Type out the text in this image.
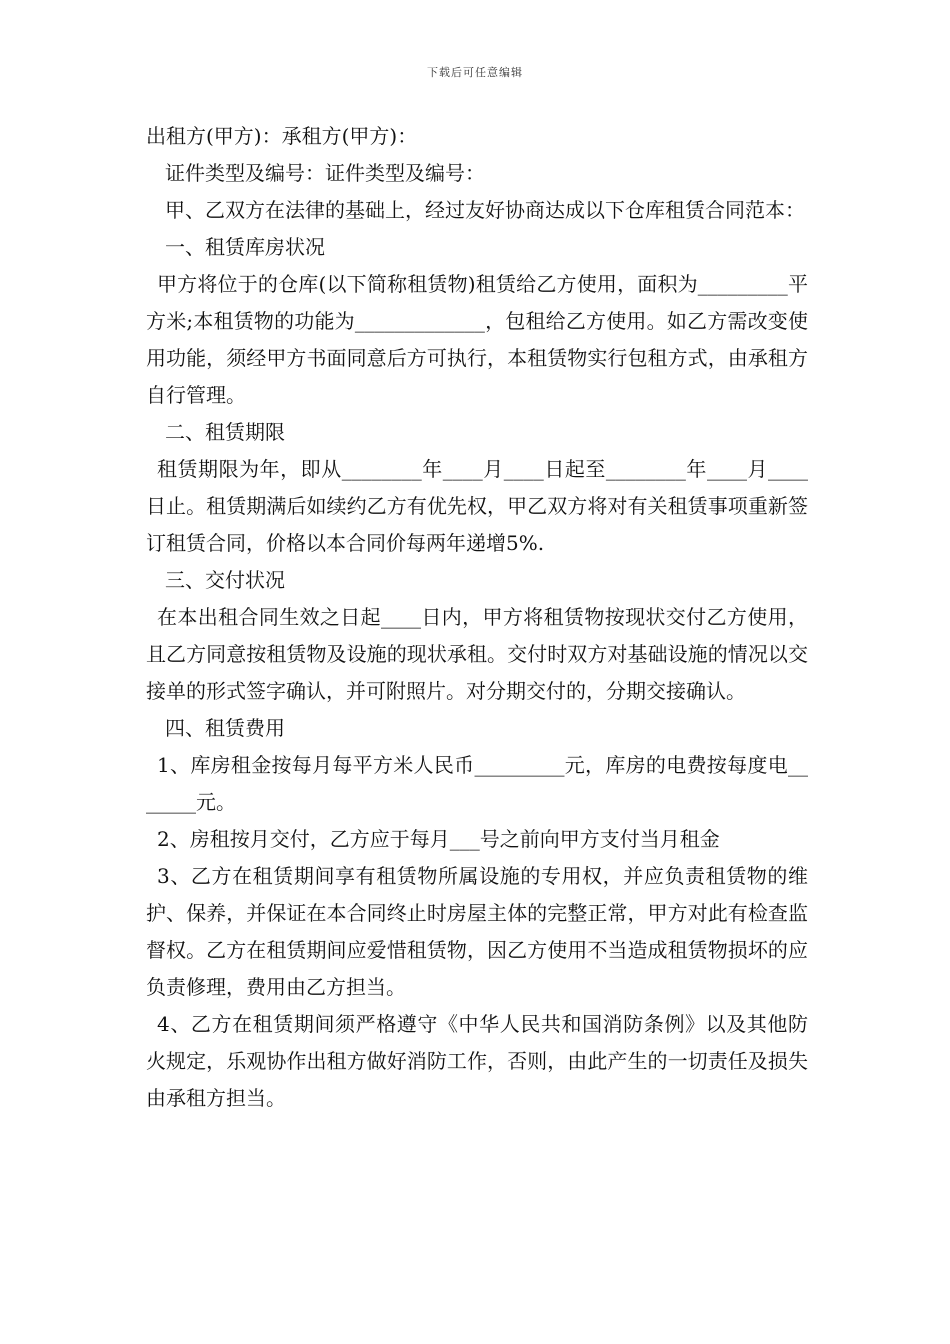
下载后可任意编辑

出租方(甲方)：承租方(甲方)：

证件类型及编号：证件类型及编号：

甲、乙双方在法律的基础上，经过友好协商达成以下仓库租赁合同范本：

一、租赁库房状况

甲方将位于的仓库(以下简称租赁物)租赁给乙方使用，面积为_________平方米;本租赁物的功能为_____________，包租给乙方使用。如乙方需改变使用功能，须经甲方书面同意后方可执行，本租赁物实行包租方式，由承租方自行管理。

二、租赁期限

租赁期限为年，即从________年____月____日起至________年____月____日止。租赁期满后如续约乙方有优先权，甲乙双方将对有关租赁事项重新签订租赁合同，价格以本合同价每两年递增5%.

三、交付状况

在本出租合同生效之日起____日内，甲方将租赁物按现状交付乙方使用，且乙方同意按租赁物及设施的现状承租。交付时双方对基础设施的情况以交接单的形式签字确认，并可附照片。对分期交付的，分期交接确认。

四、租赁费用

1、库房租金按每月每平方米人民币_________元，库房的电费按每度电_______元。

2、房租按月交付，乙方应于每月___号之前向甲方支付当月租金

3、乙方在租赁期间享有租赁物所属设施的专用权，并应负责租赁物的维护、保养，并保证在本合同终止时房屋主体的完整正常，甲方对此有检查监督权。乙方在租赁期间应爱惜租赁物，因乙方使用不当造成租赁物损坏的应负责修理，费用由乙方担当。

4、乙方在租赁期间须严格遵守《中华人民共和国消防条例》以及其他防火规定，乐观协作出租方做好消防工作，否则，由此产生的一切责任及损失由承租方担当。
